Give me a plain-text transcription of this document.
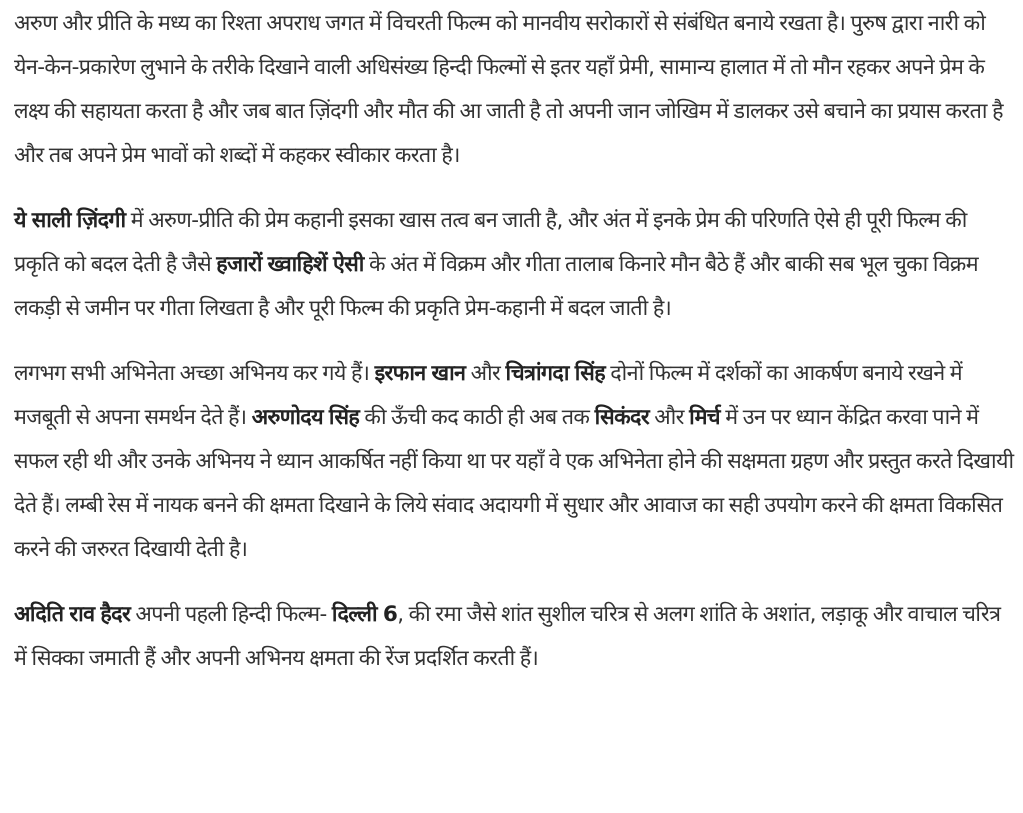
अरुण और प्रीति के मध्य का रिश्ता अपराध जगत में विचरती फिल्म को मानवीय सरोकारों से संबंधित बनाये रखता है। पुरुष द्वारा नारी को येन-केन-प्रकारेण लुभाने के तरीके दिखाने वाली अधिसंख्य हिन्दी फिल्मों से इतर यहाँ प्रेमी, सामान्य हालात में तो मौन रहकर अपने प्रेम के लक्ष्य की सहायता करता है और जब बात ज़िंदगी और मौत की आ जाती है तो अपनी जान जोखिम में डालकर उसे बचाने का प्रयास करता है और तब अपने प्रेम भावों को शब्दों में कहकर स्वीकार करता है।

ये साली ज़िंदगी में अरुण-प्रीति की प्रेम कहानी इसका खास तत्व बन जाती है, और अंत में इनके प्रेम की परिणति ऐसे ही पूरी फिल्म की प्रकृति को बदल देती है जैसे हजारों ख्वाहिशें ऐसी के अंत में विक्रम और गीता तालाब किनारे मौन बैठे हैं और बाकी सब भूल चुका विक्रम लकड़ी से जमीन पर गीता लिखता है और पूरी फिल्म की प्रकृति प्रेम-कहानी में बदल जाती है।

लगभग सभी अभिनेता अच्छा अभिनय कर गये हैं। इरफान खान और चित्रांगदा सिंह दोनों फिल्म में दर्शकों का आकर्षण बनाये रखने में मजबूती से अपना समर्थन देते हैं। अरुणोदय सिंह की ऊँची कद काठी ही अब तक सिकंदर और मिर्च में उन पर ध्यान केंद्रित करवा पाने में सफल रही थी और उनके अभिनय ने ध्यान आकर्षित नहीं किया था पर यहाँ वे एक अभिनेता होने की सक्षमता ग्रहण और प्रस्तुत करते दिखायी देते हैं। लम्बी रेस में नायक बनने की क्षमता दिखाने के लिये संवाद अदायगी में सुधार और आवाज का सही उपयोग करने की क्षमता विकसित करने की जरुरत दिखायी देती है।

अदिति राव हैदर अपनी पहली हिन्दी फिल्म- दिल्ली 6, की रमा जैसे शांत सुशील चरित्र से अलग शांति के अशांत, लड़ाकू और वाचाल चरित्र में सिक्का जमाती हैं और अपनी अभिनय क्षमता की रेंज प्रदर्शित करती हैं।
